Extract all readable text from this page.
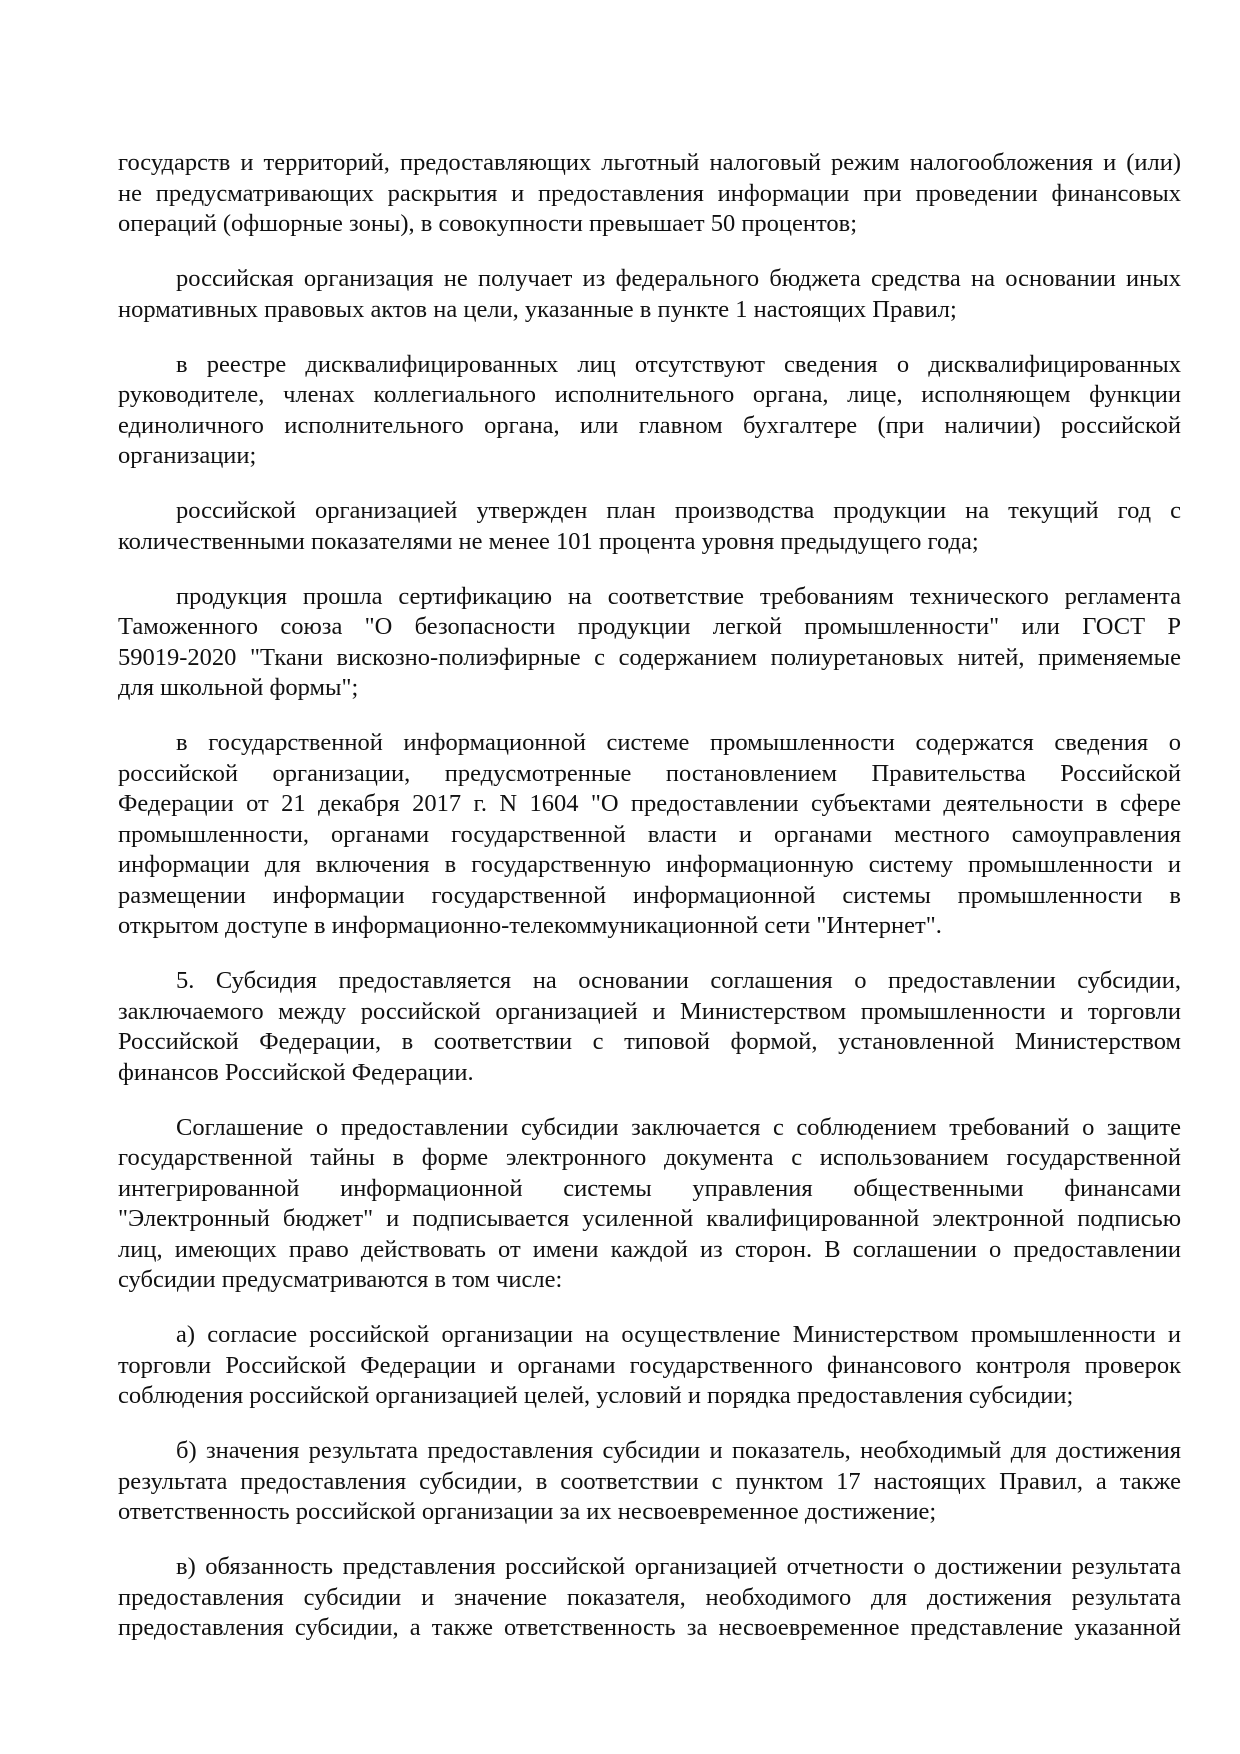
государств и территорий, предоставляющих льготный налоговый режим налогообложения и (или)
не предусматривающих раскрытия и предоставления информации при проведении финансовых
операций (офшорные зоны), в совокупности превышает 50 процентов;
российская организация не получает из федерального бюджета средства на основании иных
нормативных правовых актов на цели, указанные в пункте 1 настоящих Правил;
в реестре дисквалифицированных лиц отсутствуют сведения о дисквалифицированных
руководителе, членах коллегиального исполнительного органа, лице, исполняющем функции
единоличного исполнительного органа, или главном бухгалтере (при наличии) российской
организации;
российской организацией утвержден план производства продукции на текущий год с
количественными показателями не менее 101 процента уровня предыдущего года;
продукция прошла сертификацию на соответствие требованиям технического регламента
Таможенного союза "О безопасности продукции легкой промышленности" или ГОСТ Р
59019-2020 "Ткани вискозно-полиэфирные с содержанием полиуретановых нитей, применяемые
для школьной формы";
в государственной информационной системе промышленности содержатся сведения о
российской организации, предусмотренные постановлением Правительства Российской
Федерации от 21 декабря 2017 г. N 1604 "О предоставлении субъектами деятельности в сфере
промышленности, органами государственной власти и органами местного самоуправления
информации для включения в государственную информационную систему промышленности и
размещении информации государственной информационной системы промышленности в
открытом доступе в информационно-телекоммуникационной сети "Интернет".
5. Субсидия предоставляется на основании соглашения о предоставлении субсидии,
заключаемого между российской организацией и Министерством промышленности и торговли
Российской Федерации, в соответствии с типовой формой, установленной Министерством
финансов Российской Федерации.
Соглашение о предоставлении субсидии заключается с соблюдением требований о защите
государственной тайны в форме электронного документа с использованием государственной
интегрированной информационной системы управления общественными финансами
"Электронный бюджет" и подписывается усиленной квалифицированной электронной подписью
лиц, имеющих право действовать от имени каждой из сторон. В соглашении о предоставлении
субсидии предусматриваются в том числе:
а) согласие российской организации на осуществление Министерством промышленности и
торговли Российской Федерации и органами государственного финансового контроля проверок
соблюдения российской организацией целей, условий и порядка предоставления субсидии;
б) значения результата предоставления субсидии и показатель, необходимый для достижения
результата предоставления субсидии, в соответствии с пунктом 17 настоящих Правил, а также
ответственность российской организации за их несвоевременное достижение;
в) обязанность представления российской организацией отчетности о достижении результата
предоставления субсидии и значение показателя, необходимого для достижения результата
предоставления субсидии, а также ответственность за несвоевременное представление указанной
